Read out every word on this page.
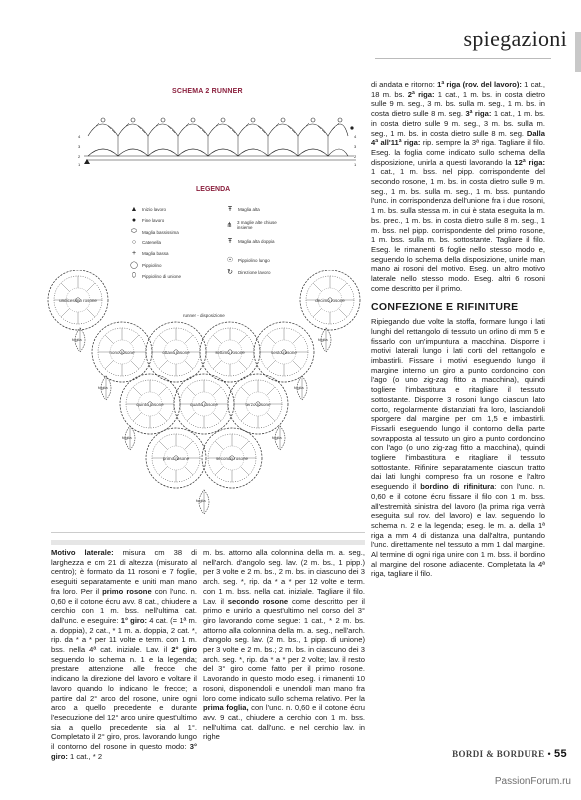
spiegazioni
SCHEMA 2 RUNNER
4
3
2
1
4
3
2
1
LEGENDA
▲ Inizio lavoro
●	Fine lavoro
⬭ Maglia bassissima
○	Catenella
+	Maglia bassa
◯ Pippiolino
⬯	Pippiolino di unione
Ŧ	Maglia alta
⋔ 3 maglie alte chiuse insieme
Ŧ	Maglia alta doppia
☉ Pippiolino lungo
↻ Direzione lavoro
runner - disposizione
undicesimo rosone	decimo rosone
nono rosone	ottavo rosone	settimo rosone	sesto rosone
quinto rosone	quarto rosone	terzo rosone
primo rosone	secondo rosone
foglia	foglia
foglia	foglia
foglia	foglia
foglia

Motivo laterale: misura cm 38 di larghezza e cm 21 di altezza (misurato al centro); è formato da 11 rosoni e 7 foglie, eseguiti separatamente e uniti man mano fra loro. Per il primo rosone con l'unc. n. 0,60 e il cotone écru avv. 8 cat., chiudere a cerchio con 1 m. bss. nell'ultima cat. dall'unc. e eseguire: 1° giro: 4 cat. (= 1ª m. a. doppia), 2 cat., * 1 m. a. doppia, 2 cat. *, rip. da * a * per 11 volte e term. con 1 m. bss. nella 4ª cat. iniziale. Lav. il 2° giro seguendo lo schema n. 1 e la legenda; prestare attenzione alle frecce che indicano la direzione del lavoro e voltare il lavoro quando lo indicano le frecce; a partire dal 2° arco del rosone, unire ogni arco a quello precedente e durante l'esecuzione del 12° arco unire quest'ultimo sia a quello precedente sia al 1°. Completato il 2° giro, pros. lavorando lungo il contorno del rosone in questo modo: 3° giro: 1 cat., * 2

m. bs. attorno alla colonnina della m. a. seg., nell'arch. d'angolo seg. lav. (2 m. bs., 1 pipp.) per 3 volte e 2 m. bs., 2 m. bs. in ciascuno dei 3 arch. seg. *, rip. da * a * per 12 volte e term. con 1 m. bss. nella cat. iniziale. Tagliare il filo. Lav. il secondo rosone come descritto per il primo e unirlo a quest'ultimo nel corso del 3° giro lavorando come segue: 1 cat., * 2 m. bs. attorno alla colonnina della m. a. seg., nell'arch. d'angolo seg. lav. (2 m. bs., 1 pipp. di unione) per 3 volte e 2 m. bs.; 2 m. bs. in ciascuno dei 3 arch. seg. *, rip. da * a * per 2 volte; lav. il resto del 3° giro come fatto per il primo rosone. Lavorando in questo modo eseg. i rimanenti 10 rosoni, disponendoli e unendoli man mano fra loro come indicato sullo schema relativo. Per la prima foglia, con l'unc. n. 0,60 e il cotone écru avv. 9 cat., chiudere a cerchio con 1 m. bss. nell'ultima cat. dall'unc. e nel cerchio lav. in righe

di andata e ritorno: 1ª riga (rov. del lavoro): 1 cat., 18 m. bs. 2ª riga: 1 cat., 1 m. bs. in costa dietro sulle 9 m. seg., 3 m. bs. sulla m. seg., 1 m. bs. in costa dietro sulle 8 m. seg. 3ª riga: 1 cat., 1 m. bs. in costa dietro sulle 9 m. seg., 3 m. bs. sulla m. seg., 1 m. bs. in costa dietro sulle 8 m. seg. Dalla 4ª all'11ª riga: rip. sempre la 3ª riga. Tagliare il filo. Eseg. la foglia come indicato sullo schema della disposizione, unirla a questi lavorando la 12ª riga: 1 cat., 1 m. bss. nel pipp. corrispondente del secondo rosone, 1 m. bs. in costa dietro sulle 9 m. seg., 1 m. bs. sulla m. seg., 1 m. bss. puntando l'unc. in corrispondenza dell'unione fra i due rosoni, 1 m. bs. sulla stessa m. in cui è stata eseguita la m. bs. prec., 1 m. bs. in costa dietro sulle 8 m. seg., 1 m. bss. nel pipp. corrispondente del primo rosone, 1 m. bss. sulla m. bs. sottostante. Tagliare il filo. Eseg. le rimanenti 6 foglie nello stesso modo e, seguendo lo schema della disposizione, unirle man mano ai rosoni del motivo. Eseg. un altro motivo laterale nello stesso modo. Eseg. altri 6 rosoni come descritto per il primo.

CONFEZIONE E RIFINITURE

Ripiegando due volte la stoffa, formare lungo i lati lunghi del rettangolo di tessuto un orlino di mm 5 e fissarlo con un'impuntura a macchina. Disporre i motivi laterali lungo i lati corti del rettangolo e imbastirli. Fissare i motivi eseguendo lungo il margine interno un giro a punto cordoncino con l'ago (o uno zig-zag fitto a macchina), quindi togliere l'imbastitura e ritagliare il tessuto sottostante. Disporre 3 rosoni lungo ciascun lato corto, regolarmente distanziati fra loro, lasciandoli sporgere dal margine per cm 1,5 e imbastirli. Fissarli eseguendo lungo il contorno della parte sovrapposta al tessuto un giro a punto cordoncino con l'ago (o uno zig-zag fitto a macchina), quindi togliere l'imbastitura e ritagliare il tessuto sottostante. Rifinire separatamente ciascun tratto dai lati lunghi compreso fra un rosone e l'altro eseguendo il bordino di rifinitura: con l'unc. n. 0,60 e il cotone écru fissare il filo con 1 m. bss. all'estremità sinistra del lavoro (la prima riga verrà eseguita sul rov. del lavoro) e lav. seguendo lo schema n. 2 e la legenda; eseg. le m. a. della 1ª riga a mm 4 di distanza una dall'altra, puntando l'unc. direttamente nel tessuto a mm 1 dal margine. Al termine di ogni riga unire con 1 m. bss. il bordino al margine del rosone adiacente. Completata la 4ª riga, tagliare il filo.

BORDI & BORDURE • 55
PassionForum.ru
